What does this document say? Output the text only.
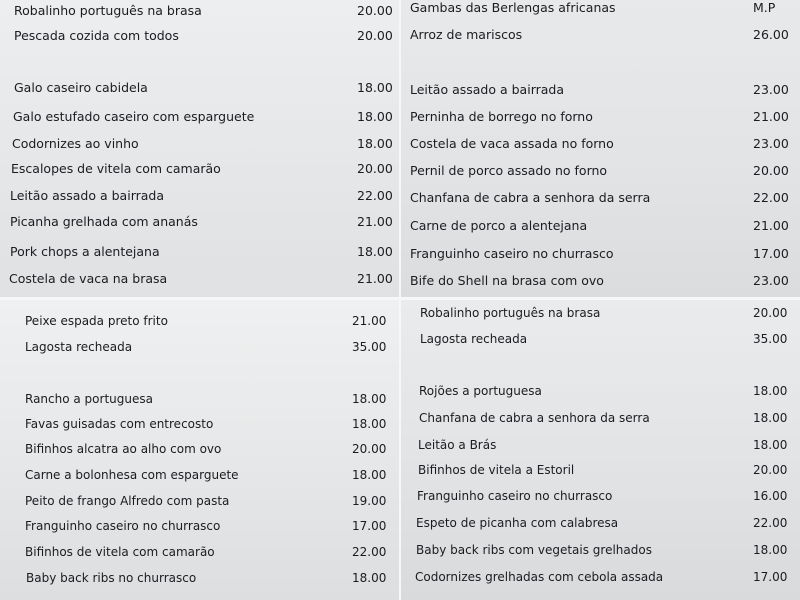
Robalinho português na brasa	20.00
Pescada cozida com todos	20.00
Galo caseiro cabidela	18.00
Galo estufado caseiro com esparguete	18.00
Codornizes ao vinho	18.00
Escalopes de vitela com camarão	20.00
Leitão assado a bairrada	22.00
Picanha grelhada com ananás	21.00
Pork chops a alentejana	18.00
Costela de vaca na brasa	21.00
Gambas das Berlengas africanas	M.P
Arroz de mariscos	26.00
Leitão assado a bairrada	23.00
Perninha de borrego no forno	21.00
Costela de vaca assada no forno	23.00
Pernil de porco assado no forno	20.00
Chanfana de cabra a senhora da serra	22.00
Carne de porco a alentejana	21.00
Franguinho caseiro no churrasco	17.00
Bife do Shell na brasa com ovo	23.00
Peixe espada preto frito	21.00
Lagosta recheada	35.00
Rancho a portuguesa	18.00
Favas guisadas com entrecosto	18.00
Bifinhos alcatra ao alho com ovo	20.00
Carne a bolonhesa com esparguete	18.00
Peito de frango Alfredo com pasta	19.00
Franguinho caseiro no churrasco	17.00
Bifinhos de vitela com camarão	22.00
Baby back ribs no churrasco	18.00
Robalinho português na brasa	20.00
Lagosta recheada	35.00
Rojões a portuguesa	18.00
Chanfana de cabra a senhora da serra	18.00
Leitão a Brás	18.00
Bifinhos de vitela a Estoril	20.00
Franguinho caseiro no churrasco	16.00
Espeto de picanha com calabresa	22.00
Baby back ribs com vegetais grelhados	18.00
Codornizes grelhadas com cebola assada	17.00
